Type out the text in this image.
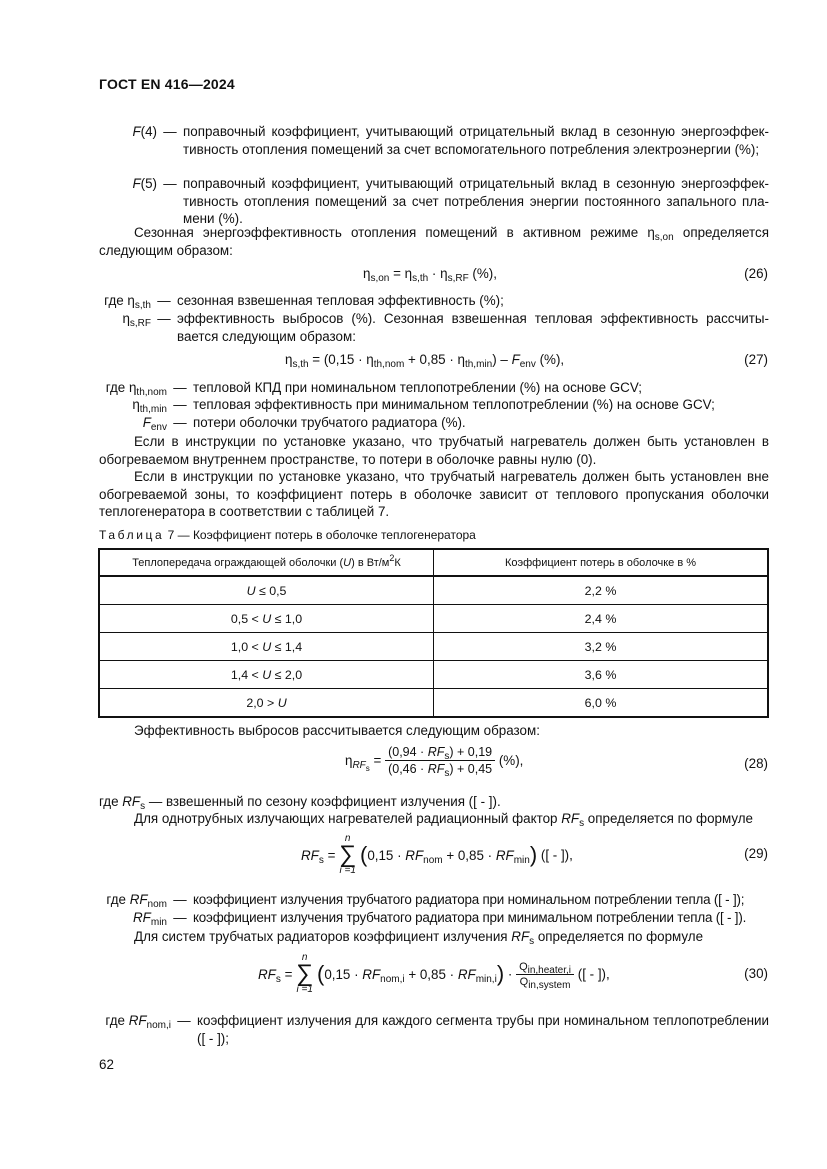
ГОСТ EN 416—2024
F(4) — поправочный коэффициент, учитывающий отрицательный вклад в сезонную энергоэффективность отопления помещений за счет вспомогательного потребления электроэнергии (%);
F(5) — поправочный коэффициент, учитывающий отрицательный вклад в сезонную энергоэффективность отопления помещений за счет потребления энергии постоянного запального пламени (%).
Сезонная энергоэффективность отопления помещений в активном режиме $\eta_{s,on}$ определяется следующим образом:
$\eta_{s,on} = \eta_{s,th} \cdot \eta_{s,RF}$ (%),	(26)
где $\eta_{s,th}$ — сезонная взвешенная тепловая эффективность (%);
$\eta_{s,RF}$ — эффективность выбросов (%). Сезонная взвешенная тепловая эффективность рассчитывается следующим образом:
$\eta_{s,th} = (0,15 \cdot \eta_{th,nom} + 0,85 \cdot \eta_{th,min}) - F_{env}$ (%),	(27)
где $\eta_{th,nom}$ — тепловой КПД при номинальном теплопотреблении (%) на основе GCV;
$\eta_{th,min}$ — тепловая эффективность при минимальном теплопотреблении (%) на основе GCV;
$F_{env}$ — потери оболочки трубчатого радиатора (%).
Если в инструкции по установке указано, что трубчатый нагреватель должен быть установлен в обогреваемом внутреннем пространстве, то потери в оболочке равны нулю (0).
Если в инструкции по установке указано, что трубчатый нагреватель должен быть установлен вне обогреваемой зоны, то коэффициент потерь в оболочке зависит от теплового пропускания оболочки теплогенератора в соответствии с таблицей 7.
Таблица 7 — Коэффициент потерь в оболочке теплогенератора
Теплопередача ограждающей оболочки (U) в $Вт/м^2К$	Коэффициент потерь в оболочке в %
U ≤ 0,5	2,2 %
0,5 < U ≤ 1,0	2,4 %
1,0 < U ≤ 1,4	3,2 %
1,4 < U ≤ 2,0	3,6 %
2,0 > U	6,0 %
Эффективность выбросов рассчитывается следующим образом:
$\eta_{RF_s} = \frac{(0,94 \cdot RF_s) + 0,19}{(0,46 \cdot RF_s) + 0,45}$ (%),	(28)
где $RF_s$ — взвешенный по сезону коэффициент излучения ([ - ]).
Для однотрубных излучающих нагревателей радиационный фактор $RF_s$ определяется по формуле
$RF_s$ =
n
∑
i =1
$(0,15 \cdot RF_{nom} + 0,85 \cdot RF_{min})$ ([ - ]),	(29)
где $RF_{nom}$ — коэффициент излучения трубчатого радиатора при номинальном потреблении тепла ([ - ]);
$RF_{min}$ — коэффициент излучения трубчатого радиатора при минимальном потреблении тепла ([ - ]).
Для систем трубчатых радиаторов коэффициент излучения $RF_s$ определяется по формуле
$RF_s$ =
n
∑
i =1
$(0,15 \cdot RF_{nom,i} + 0,85 \cdot RF_{min,i}) \cdot \frac{Q_{in,heater,i}}{Q_{in,system}}$ ([ - ]),	(30)
где $RF_{nom,i}$ — коэффициент излучения для каждого сегмента трубы при номинальном теплопотреблении ([ - ]);
62
